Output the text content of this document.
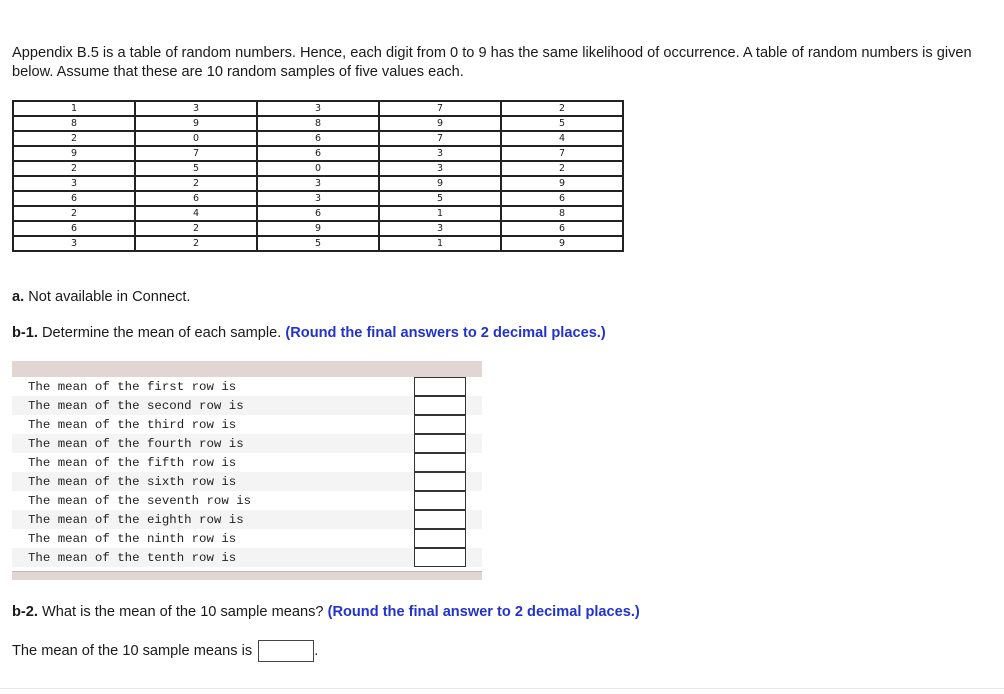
Appendix B.5 is a table of random numbers. Hence, each digit from 0 to 9 has the same likelihood of occurrence. A table of random numbers is given below. Assume that these are 10 random samples of five values each.
1	3	3	7	2
8	9	8	9	5
2	0	6	7	4
9	7	6	3	7
2	5	0	3	2
3	2	3	9	9
6	6	3	5	6
2	4	6	1	8
6	2	9	3	6
3	2	5	1	9
a. Not available in Connect.
b-1. Determine the mean of each sample. (Round the final answers to 2 decimal places.)
The mean of the first row is
The mean of the second row is
The mean of the third row is
The mean of the fourth row is
The mean of the fifth row is
The mean of the sixth row is
The mean of the seventh row is
The mean of the eighth row is
The mean of the ninth row is
The mean of the tenth row is
b-2. What is the mean of the 10 sample means? (Round the final answer to 2 decimal places.)
The mean of the 10 sample means is	.
